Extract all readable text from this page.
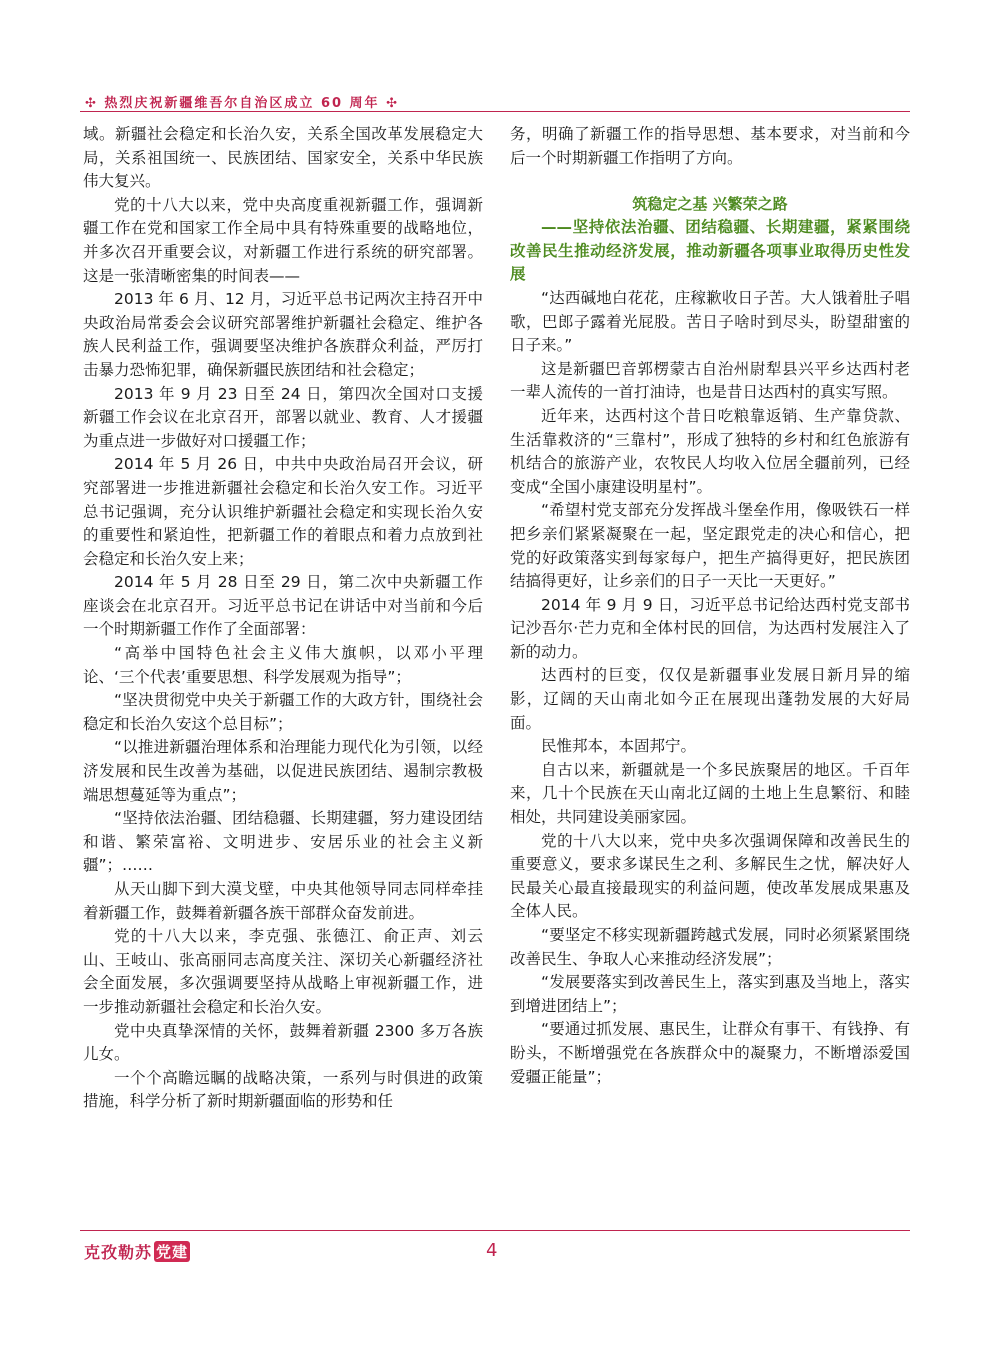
✣ 热烈庆祝新疆维吾尔自治区成立 60 周年 ✣

域。新疆社会稳定和长治久安，关系全国改革发展稳定大局，关系祖国统一、民族团结、国家安全，关系中华民族伟大复兴。

党的十八大以来，党中央高度重视新疆工作，强调新疆工作在党和国家工作全局中具有特殊重要的战略地位，并多次召开重要会议，对新疆工作进行系统的研究部署。这是一张清晰密集的时间表——

2013 年 6 月、12 月，习近平总书记两次主持召开中央政治局常委会会议研究部署维护新疆社会稳定、维护各族人民利益工作，强调要坚决维护各族群众利益，严厉打击暴力恐怖犯罪，确保新疆民族团结和社会稳定；

2013 年 9 月 23 日至 24 日，第四次全国对口支援新疆工作会议在北京召开，部署以就业、教育、人才援疆为重点进一步做好对口援疆工作；

2014 年 5 月 26 日，中共中央政治局召开会议，研究部署进一步推进新疆社会稳定和长治久安工作。习近平总书记强调，充分认识维护新疆社会稳定和实现长治久安的重要性和紧迫性，把新疆工作的着眼点和着力点放到社会稳定和长治久安上来；

2014 年 5 月 28 日至 29 日，第二次中央新疆工作座谈会在北京召开。习近平总书记在讲话中对当前和今后一个时期新疆工作作了全面部署：

“高举中国特色社会主义伟大旗帜，以邓小平理论、‘三个代表’重要思想、科学发展观为指导”；

“坚决贯彻党中央关于新疆工作的大政方针，围绕社会稳定和长治久安这个总目标”；

“以推进新疆治理体系和治理能力现代化为引领，以经济发展和民生改善为基础，以促进民族团结、遏制宗教极端思想蔓延等为重点”；

“坚持依法治疆、团结稳疆、长期建疆，努力建设团结和谐、繁荣富裕、文明进步、安居乐业的社会主义新疆”；……

从天山脚下到大漠戈壁，中央其他领导同志同样牵挂着新疆工作，鼓舞着新疆各族干部群众奋发前进。

党的十八大以来，李克强、张德江、俞正声、刘云山、王岐山、张高丽同志高度关注、深切关心新疆经济社会全面发展，多次强调要坚持从战略上审视新疆工作，进一步推动新疆社会稳定和长治久安。

党中央真挚深情的关怀，鼓舞着新疆 2300 多万各族儿女。

一个个高瞻远瞩的战略决策，一系列与时俱进的政策措施，科学分析了新时期新疆面临的形势和任

务，明确了新疆工作的指导思想、基本要求，对当前和今后一个时期新疆工作指明了方向。

筑稳定之基 兴繁荣之路

——坚持依法治疆、团结稳疆、长期建疆，紧紧围绕改善民生推动经济发展，推动新疆各项事业取得历史性发展

“达西碱地白花花，庄稼歉收日子苦。大人饿着肚子唱歌，巴郎子露着光屁股。苦日子啥时到尽头，盼望甜蜜的日子来。”

这是新疆巴音郭楞蒙古自治州尉犁县兴平乡达西村老一辈人流传的一首打油诗，也是昔日达西村的真实写照。

近年来，达西村这个昔日吃粮靠返销、生产靠贷款、生活靠救济的“三靠村”，形成了独特的乡村和红色旅游有机结合的旅游产业，农牧民人均收入位居全疆前列，已经变成“全国小康建设明星村”。

“希望村党支部充分发挥战斗堡垒作用，像吸铁石一样把乡亲们紧紧凝聚在一起，坚定跟党走的决心和信心，把党的好政策落实到每家每户，把生产搞得更好，把民族团结搞得更好，让乡亲们的日子一天比一天更好。”

2014 年 9 月 9 日，习近平总书记给达西村党支部书记沙吾尔·芒力克和全体村民的回信，为达西村发展注入了新的动力。

达西村的巨变，仅仅是新疆事业发展日新月异的缩影，辽阔的天山南北如今正在展现出蓬勃发展的大好局面。

民惟邦本，本固邦宁。

自古以来，新疆就是一个多民族聚居的地区。千百年来，几十个民族在天山南北辽阔的土地上生息繁衍、和睦相处，共同建设美丽家园。

党的十八大以来，党中央多次强调保障和改善民生的重要意义，要求多谋民生之利、多解民生之忧，解决好人民最关心最直接最现实的利益问题，使改革发展成果惠及全体人民。

“要坚定不移实现新疆跨越式发展，同时必须紧紧围绕改善民生、争取人心来推动经济发展”；

“发展要落实到改善民生上，落实到惠及当地上，落实到增进团结上”；

“要通过抓发展、惠民生，让群众有事干、有钱挣、有盼头，不断增强党在各族群众中的凝聚力，不断增添爱国爱疆正能量”；

克孜勒苏 党建	4
